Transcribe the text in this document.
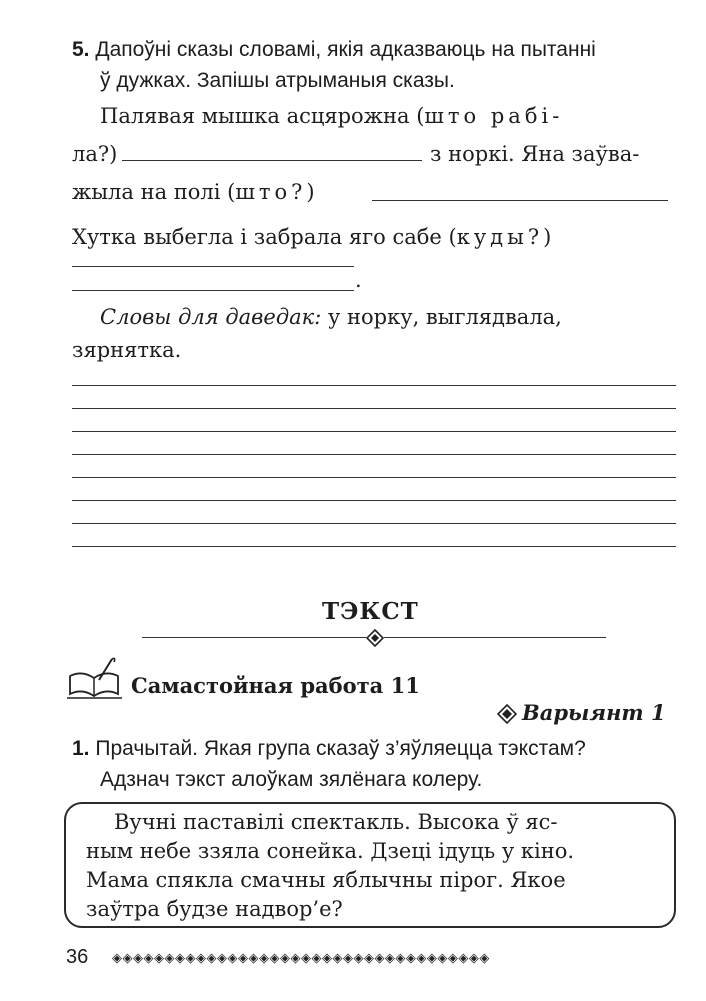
5. Дапоўні сказы словамі, якія адказваюць на пытанні
ў дужках. Запішы атрыманыя сказы.
Палявая мышка асцярожна (што рабі-
ла?)	з норкі. Яна заўва-
жыла на полі (што?)
Хутка выбегла і забрала яго сабе (куды?)
.
Словы для даведак: у норку, выглядвала,
зярнятка.
ТЭКСТ
Самастойная работа 11
Варыянт 1
1. Прачытай. Якая група сказаў з’яўляецца тэкстам?
Адзнач тэкст алоўкам зялёнага колеру.
Вучні паставілі спектакль. Высока ў яс-
ным небе ззяла сонейка. Дзеці ідуць у кіно.
Мама спякла смачны яблычны пірог. Якое
заўтра будзе надвор’е?
36 ◈◈◈◈◈◈◈◈◈◈◈◈◈◈◈◈◈◈◈◈◈◈◈◈◈◈◈◈◈◈◈◈◈◈◈◈
